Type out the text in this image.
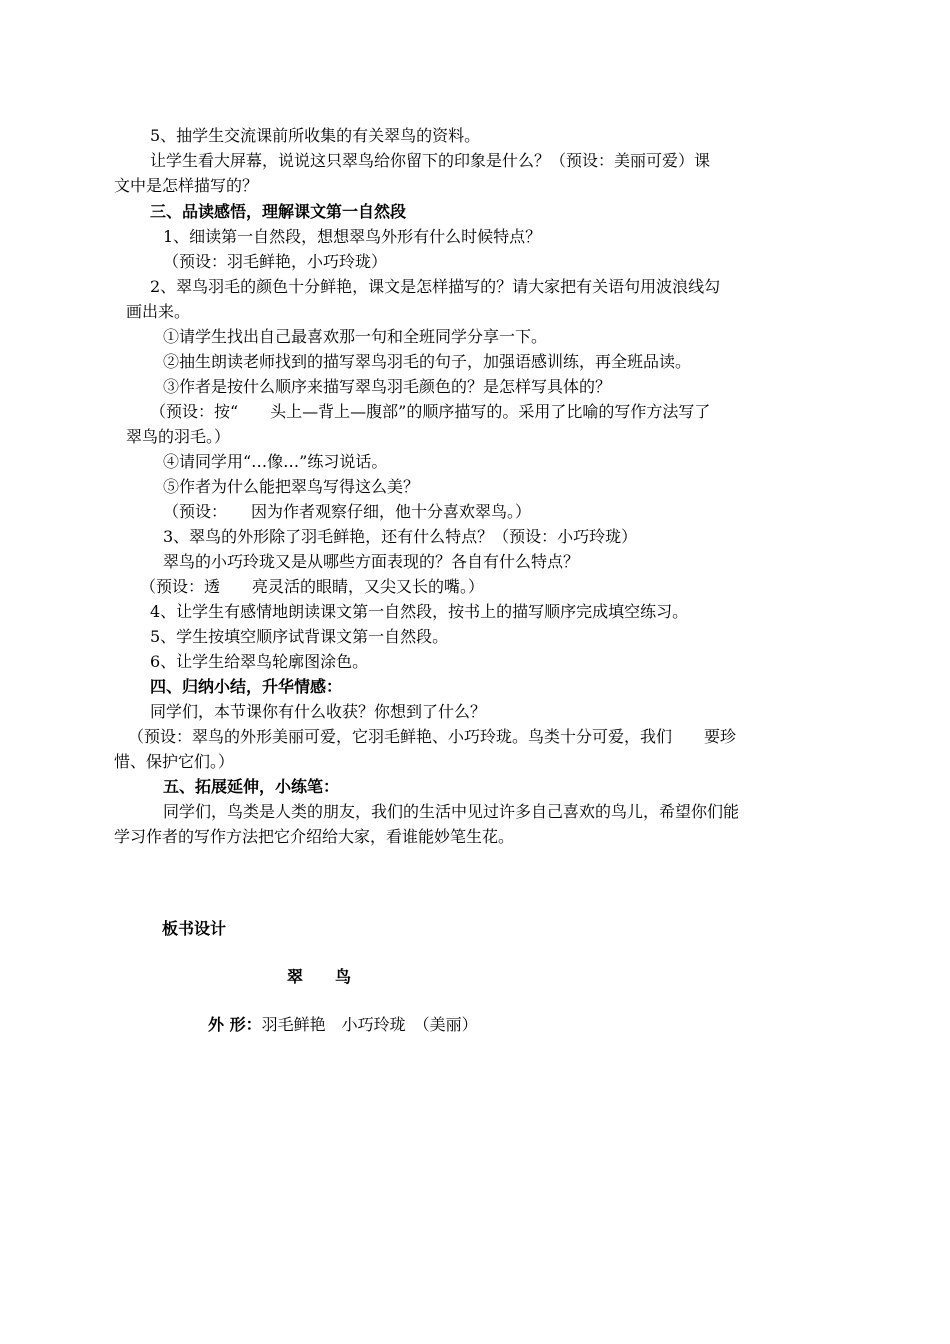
5、抽学生交流课前所收集的有关翠鸟的资料。
让学生看大屏幕，说说这只翠鸟给你留下的印象是什么？（预设：美丽可爱）课
文中是怎样描写的？
三、品读感悟，理解课文第一自然段
1、细读第一自然段，想想翠鸟外形有什么时候特点？
（预设：羽毛鲜艳，小巧玲珑）
2、翠鸟羽毛的颜色十分鲜艳，课文是怎样描写的？请大家把有关语句用波浪线勾
画出来。
①请学生找出自己最喜欢那一句和全班同学分享一下。
②抽生朗读老师找到的描写翠鸟羽毛的句子，加强语感训练，再全班品读。
③作者是按什么顺序来描写翠鸟羽毛颜色的？是怎样写具体的？
（预设：按“　　头上—背上—腹部”的顺序描写的。采用了比喻的写作方法写了
翠鸟的羽毛。）
④请同学用“…像…”练习说话。
⑤作者为什么能把翠鸟写得这么美？
（预设：　　因为作者观察仔细，他十分喜欢翠鸟。）
3、翠鸟的外形除了羽毛鲜艳，还有什么特点？（预设：小巧玲珑）
翠鸟的小巧玲珑又是从哪些方面表现的？各自有什么特点？
（预设：透　　亮灵活的眼睛，又尖又长的嘴。）
4、让学生有感情地朗读课文第一自然段，按书上的描写顺序完成填空练习。
5、学生按填空顺序试背课文第一自然段。
6、让学生给翠鸟轮廓图涂色。
四、归纳小结，升华情感：
同学们，本节课你有什么收获？你想到了什么？
（预设：翠鸟的外形美丽可爱，它羽毛鲜艳、小巧玲珑。鸟类十分可爱，我们　　要珍
惜、保护它们。）
五、拓展延伸，小练笔：
同学们，鸟类是人类的朋友，我们的生活中见过许多自己喜欢的鸟儿，希望你们能
学习作者的写作方法把它介绍给大家，看谁能妙笔生花。
板书设计
翠　　鸟
外 形：羽毛鲜艳　小巧玲珑　（美丽）
